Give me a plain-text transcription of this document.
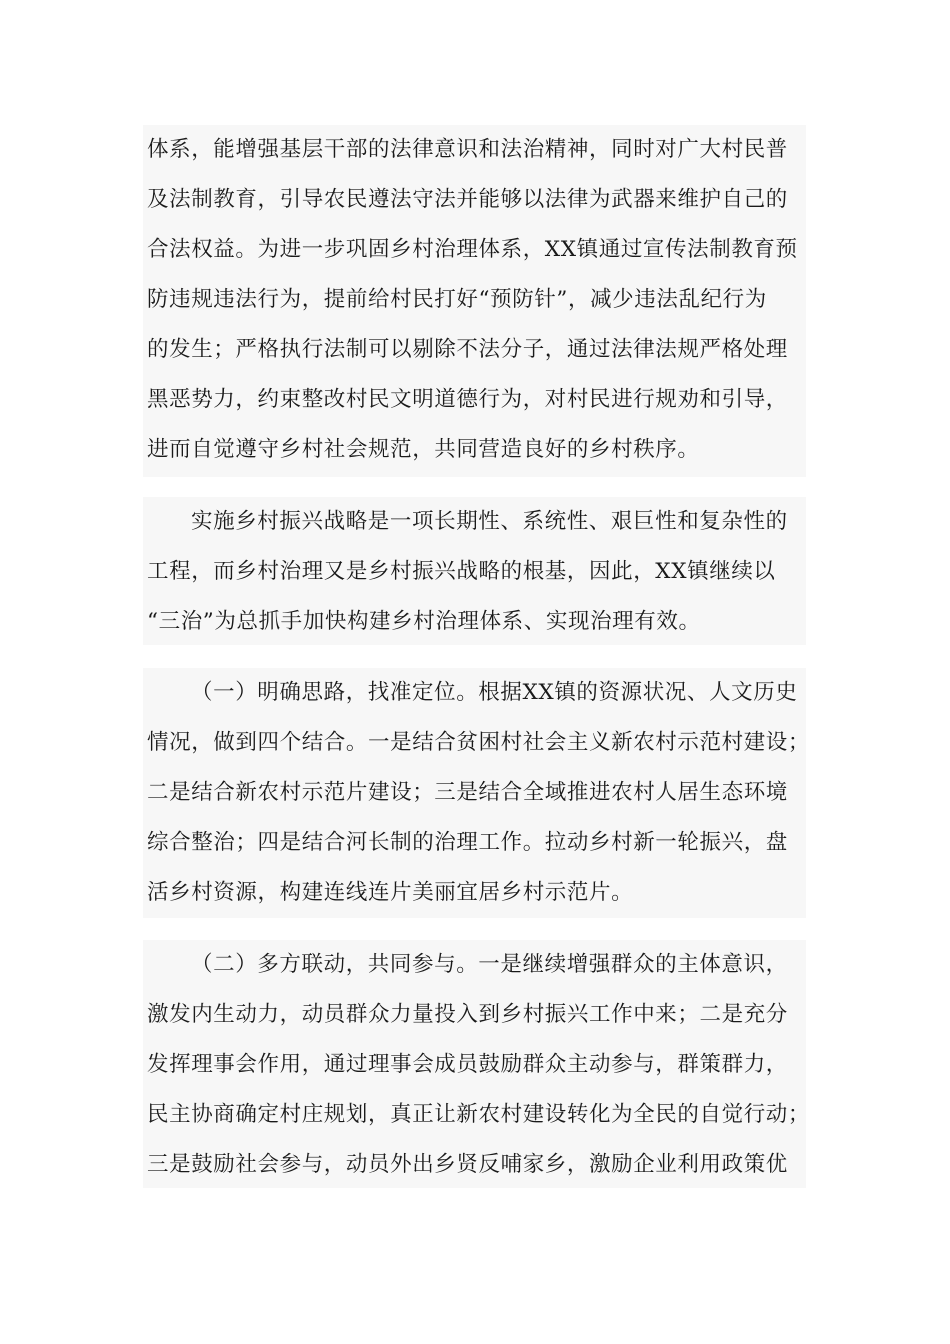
体系，能增强基层干部的法律意识和法治精神，同时对广大村民普
及法制教育，引导农民遵法守法并能够以法律为武器来维护自己的
合法权益。为进一步巩固乡村治理体系，XX镇通过宣传法制教育预
防违规违法行为，提前给村民打好“预防针”，减少违法乱纪行为
的发生；严格执行法制可以剔除不法分子，通过法律法规严格处理
黑恶势力，约束整改村民文明道德行为，对村民进行规劝和引导，
进而自觉遵守乡村社会规范，共同营造良好的乡村秩序。
实施乡村振兴战略是一项长期性、系统性、艰巨性和复杂性的
工程，而乡村治理又是乡村振兴战略的根基，因此，XX镇继续以
“三治”为总抓手加快构建乡村治理体系、实现治理有效。
（一）明确思路，找准定位。根据XX镇的资源状况、人文历史
情况，做到四个结合。一是结合贫困村社会主义新农村示范村建设；
二是结合新农村示范片建设；三是结合全域推进农村人居生态环境
综合整治；四是结合河长制的治理工作。拉动乡村新一轮振兴，盘
活乡村资源，构建连线连片美丽宜居乡村示范片。
（二）多方联动，共同参与。一是继续增强群众的主体意识，
激发内生动力，动员群众力量投入到乡村振兴工作中来；二是充分
发挥理事会作用，通过理事会成员鼓励群众主动参与，群策群力，
民主协商确定村庄规划，真正让新农村建设转化为全民的自觉行动；
三是鼓励社会参与，动员外出乡贤反哺家乡，激励企业利用政策优
